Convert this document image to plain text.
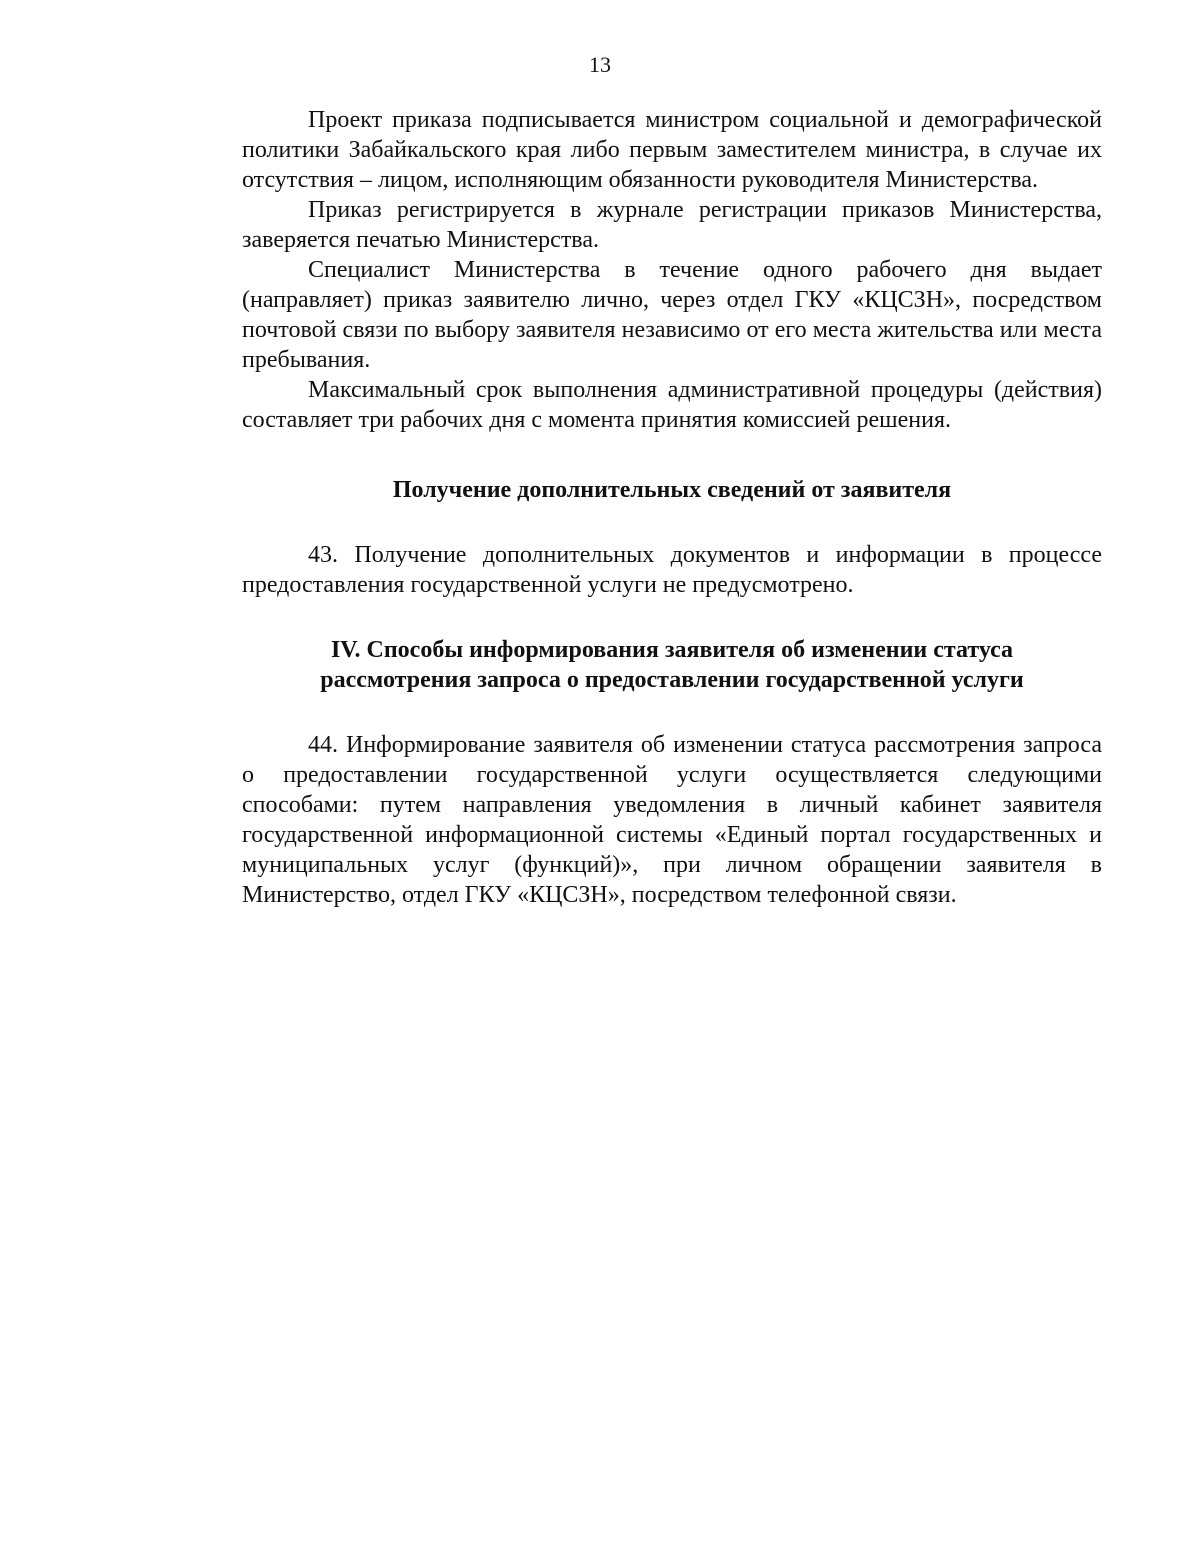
13

Проект приказа подписывается министром социальной и демографической политики Забайкальского края либо первым заместителем министра, в случае их отсутствия – лицом, исполняющим обязанности руководителя Министерства.

Приказ регистрируется в журнале регистрации приказов Министерства, заверяется печатью Министерства.

Специалист Министерства в течение одного рабочего дня выдает (направляет) приказ заявителю лично, через отдел ГКУ «КЦСЗН», посредством почтовой связи по выбору заявителя независимо от его места жительства или места пребывания.

Максимальный срок выполнения административной процедуры (действия) составляет три рабочих дня с момента принятия комиссией решения.

Получение дополнительных сведений от заявителя

43. Получение дополнительных документов и информации в процессе предоставления государственной услуги не предусмотрено.

IV. Способы информирования заявителя об изменении статуса
рассмотрения запроса о предоставлении государственной услуги

44. Информирование заявителя об изменении статуса рассмотрения запроса о предоставлении государственной услуги осуществляется следующими способами: путем направления уведомления в личный кабинет заявителя государственной информационной системы «Единый портал государственных и муниципальных услуг (функций)», при личном обращении заявителя в Министерство, отдел ГКУ «КЦСЗН», посредством телефонной связи.
